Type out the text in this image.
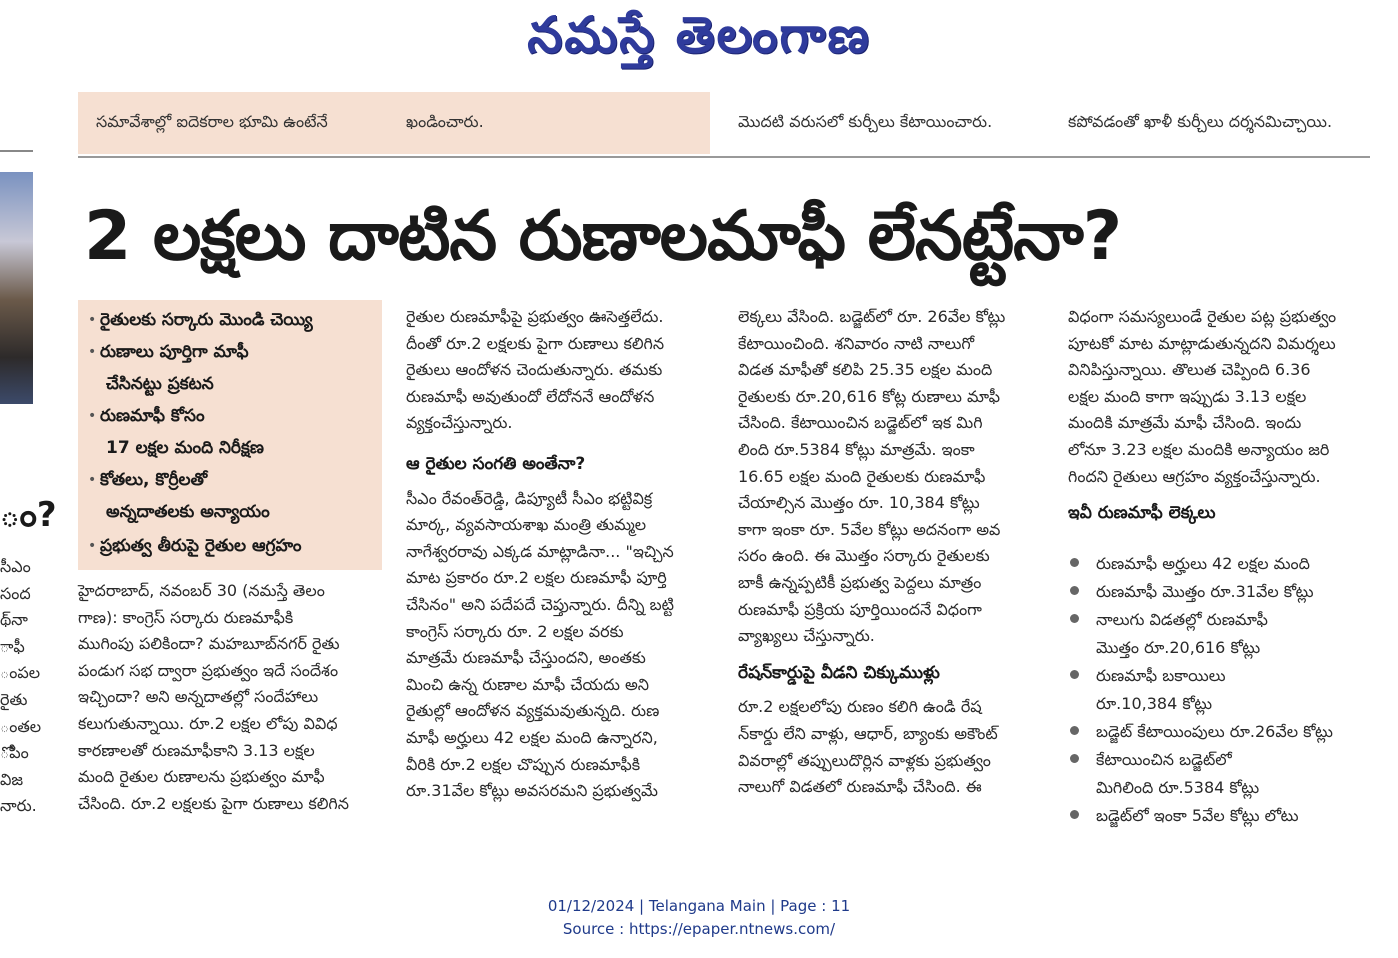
నమస్తే తెలంగాణ
సమావేశాల్లో ఐదెకరాల భూమి ఉంటేనే	ఖండించారు.	మొదటి వరుసలో కుర్చీలు కేటాయించారు.	కపోవడంతో ఖాళీ కుర్చీలు దర్శనమిచ్చాయి.
ం?
సీఎం
సంద
థ్‌నా
ాఫీ
ంపల
రైతు
ంతల
ోపిం
విజ
నారు.
2 లక్షలు దాటిన రుణాలమాఫీ లేనట్టేనా?
రైతులకు సర్కారు మొండి చెయ్యి
•
రుణాలు పూర్తిగా మాఫీ
•
చేసినట్టు ప్రకటన
రుణమాఫీ కోసం
•
17 లక్షల మంది నిరీక్షణ
కోతలు, కొర్రీలతో
•
అన్నదాతలకు అన్యాయం
ప్రభుత్వ తీరుపై రైతుల ఆగ్రహం
•
హైదరాబాద్, నవంబర్ 30 (నమస్తే తెలం
గాణ): కాంగ్రెస్ సర్కారు రుణమాఫీకి
ముగింపు పలికిందా? మహబూబ్‌నగర్ రైతు
పండుగ సభ ద్వారా ప్రభుత్వం ఇదే సందేశం
ఇచ్చిందా? అని అన్నదాతల్లో సందేహాలు
కలుగుతున్నాయి. రూ.2 లక్షల లోపు వివిధ
కారణాలతో రుణమాఫీకాని 3.13 లక్షల
మంది రైతుల రుణాలను ప్రభుత్వం మాఫీ
చేసింది. రూ.2 లక్షలకు పైగా రుణాలు కలిగిన
రైతుల రుణమాఫీపై ప్రభుత్వం ఊసెత్తలేదు.
దీంతో రూ.2 లక్షలకు పైగా రుణాలు కలిగిన
రైతులు ఆందోళన చెందుతున్నారు. తమకు
రుణమాఫీ అవుతుందో లేదోననే ఆందోళన
వ్యక్తంచేస్తున్నారు.
ఆ రైతుల సంగతి అంతేనా?
సీఎం రేవంత్‌రెడ్డి, డిప్యూటీ సీఎం భట్టివిక్ర
మార్క, వ్యవసాయశాఖ మంత్రి తుమ్మల
నాగేశ్వరరావు ఎక్కడ మాట్లాడినా... "ఇచ్చిన
మాట ప్రకారం రూ.2 లక్షల రుణమాఫీ పూర్తి
చేసినం" అని పదేపదే చెప్తున్నారు. దీన్ని బట్టి
కాంగ్రెస్ సర్కారు రూ. 2 లక్షల వరకు
మాత్రమే రుణమాఫీ చేస్తుందని, అంతకు
మించి ఉన్న రుణాల మాఫీ చేయదు అని
రైతుల్లో ఆందోళన వ్యక్తమవుతున్నది. రుణ
మాఫీ అర్హులు 42 లక్షల మంది ఉన్నారని,
వీరికి రూ.2 లక్షల చొప్పున రుణమాఫీకి
రూ.31వేల కోట్లు అవసరమని ప్రభుత్వమే
లెక్కలు వేసింది. బడ్జెట్‌లో రూ. 26వేల కోట్లు
కేటాయించింది. శనివారం నాటి నాలుగో
విడత మాఫీతో కలిపి 25.35 లక్షల మంది
రైతులకు రూ.20,616 కోట్ల రుణాలు మాఫీ
చేసింది. కేటాయించిన బడ్జెట్‌లో ఇక మిగి
లింది రూ.5384 కోట్లు మాత్రమే. ఇంకా
16.65 లక్షల మంది రైతులకు రుణమాఫీ
చేయాల్సిన మొత్తం రూ. 10,384 కోట్లు
కాగా ఇంకా రూ. 5వేల కోట్లు అదనంగా అవ
సరం ఉంది. ఈ మొత్తం సర్కారు రైతులకు
బాకీ ఉన్నప్పటికీ ప్రభుత్వ పెద్దలు మాత్రం
రుణమాఫీ ప్రక్రియ పూర్తియిందనే విధంగా
వ్యాఖ్యలు చేస్తున్నారు.
రేషన్‌కార్డుపై వీడని చిక్కుముళ్లు
రూ.2 లక్షలలోపు రుణం కలిగి ఉండి రేష
న్‌కార్డు లేని వాళ్లు, ఆధార్, బ్యాంకు అకౌంట్
వివరాల్లో తప్పులుదొర్లిన వాళ్లకు ప్రభుత్వం
నాలుగో విడతలో రుణమాఫీ చేసింది. ఈ
విధంగా సమస్యలుండే రైతుల పట్ల ప్రభుత్వం
పూటకో మాట మాట్లాడుతున్నదని విమర్శలు
వినిపిస్తున్నాయి. తొలుత చెప్పింది 6.36
లక్షల మంది కాగా ఇప్పుడు 3.13 లక్షల
మందికి మాత్రమే మాఫీ చేసింది. ఇందు
లోనూ 3.23 లక్షల మందికి అన్యాయం జరి
గిందని రైతులు ఆగ్రహం వ్యక్తంచేస్తున్నారు.
ఇవీ రుణమాఫీ లెక్కలు
రుణమాఫీ అర్హులు 42 లక్షల మంది
రుణమాఫీ మొత్తం రూ.31వేల కోట్లు
నాలుగు విడతల్లో రుణమాఫీ
మొత్తం రూ.20,616 కోట్లు
రుణమాఫీ బకాయిలు
రూ.10,384 కోట్లు
బడ్జెట్ కేటాయింపులు రూ.26వేల కోట్లు
కేటాయించిన బడ్జెట్‌లో
మిగిలింది రూ.5384 కోట్లు
బడ్జెట్‌లో ఇంకా 5వేల కోట్లు లోటు
01/12/2024 | Telangana Main | Page : 11
Source : https://epaper.ntnews.com/
